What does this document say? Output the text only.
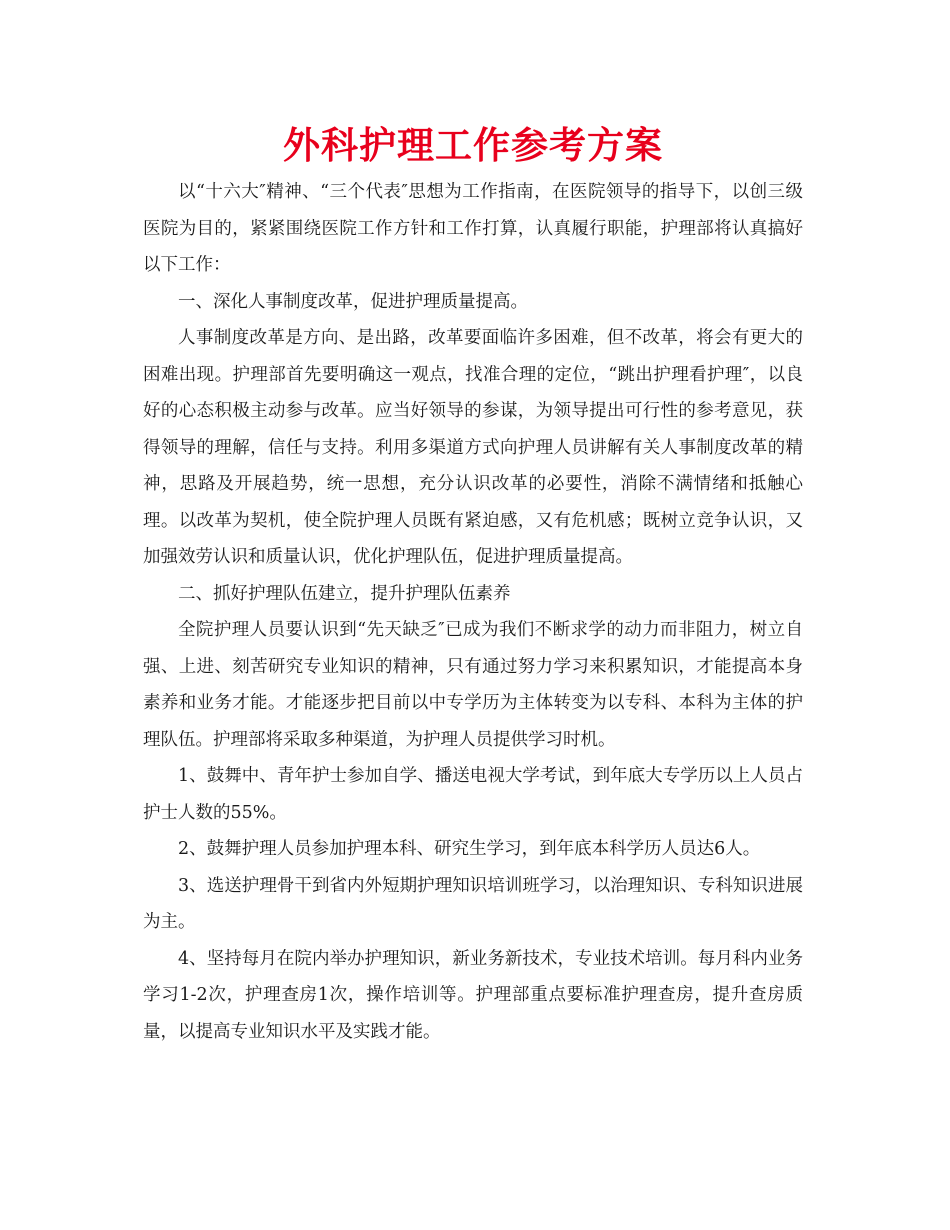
外科护理工作参考方案

以“十六大″精神、“三个代表″思想为工作指南，在医院领导的指导下，以创三级医院为目的，紧紧围绕医院工作方针和工作打算，认真履行职能，护理部将认真搞好以下工作：

一、深化人事制度改革，促进护理质量提高。

人事制度改革是方向、是出路，改革要面临许多困难，但不改革，将会有更大的困难出现。护理部首先要明确这一观点，找准合理的定位，“跳出护理看护理″，以良好的心态积极主动参与改革。应当好领导的参谋，为领导提出可行性的参考意见，获得领导的理解，信任与支持。利用多渠道方式向护理人员讲解有关人事制度改革的精神，思路及开展趋势，统一思想，充分认识改革的必要性，消除不满情绪和抵触心理。以改革为契机，使全院护理人员既有紧迫感，又有危机感；既树立竞争认识，又加强效劳认识和质量认识，优化护理队伍，促进护理质量提高。

二、抓好护理队伍建立，提升护理队伍素养

全院护理人员要认识到“先天缺乏″已成为我们不断求学的动力而非阻力，树立自强、上进、刻苦研究专业知识的精神，只有通过努力学习来积累知识，才能提高本身素养和业务才能。才能逐步把目前以中专学历为主体转变为以专科、本科为主体的护理队伍。护理部将采取多种渠道，为护理人员提供学习时机。

1、鼓舞中、青年护士参加自学、播送电视大学考试，到年底大专学历以上人员占护士人数的55%。

2、鼓舞护理人员参加护理本科、研究生学习，到年底本科学历人员达6人。

3、选送护理骨干到省内外短期护理知识培训班学习，以治理知识、专科知识进展为主。

4、坚持每月在院内举办护理知识，新业务新技术，专业技术培训。每月科内业务学习1-2次，护理查房1次，操作培训等。护理部重点要标准护理查房，提升查房质量，以提高专业知识水平及实践才能。
